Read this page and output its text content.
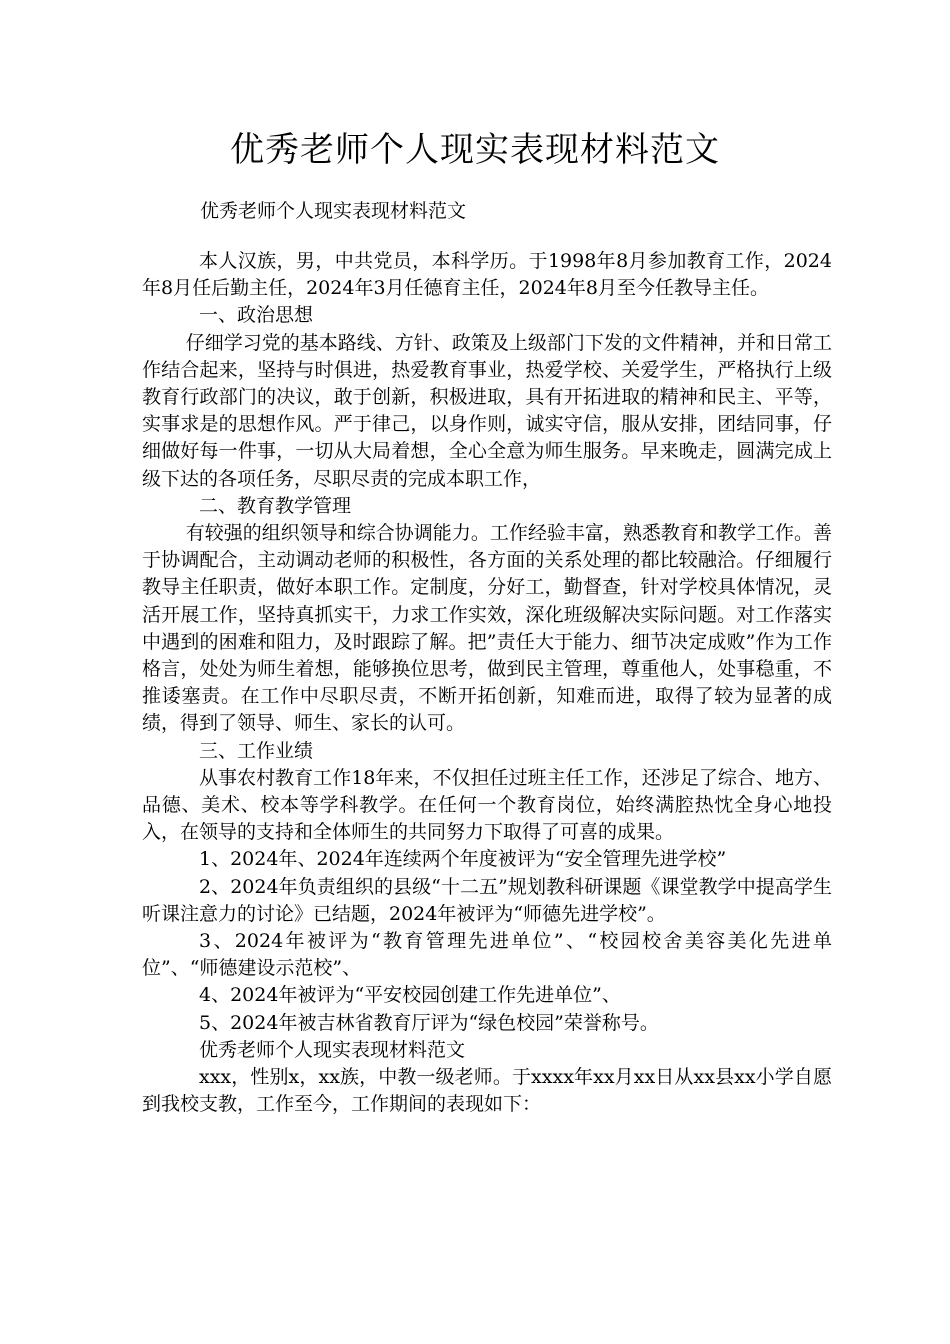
优秀老师个人现实表现材料范文
优秀老师个人现实表现材料范文

本人汉族，男，中共党员，本科学历。于1998年8月参加教育工作，2024年8月任后勤主任，2024年3月任德育主任，2024年8月至今任教导主任。

一、政治思想

仔细学习党的基本路线、方针、政策及上级部门下发的文件精神，并和日常工作结合起来，坚持与时俱进，热爱教育事业，热爱学校、关爱学生，严格执行上级教育行政部门的决议，敢于创新，积极进取，具有开拓进取的精神和民主、平等，实事求是的思想作风。严于律己，以身作则，诚实守信，服从安排，团结同事，仔细做好每一件事，一切从大局着想，全心全意为师生服务。早来晚走，圆满完成上级下达的各项任务，尽职尽责的完成本职工作，

二、教育教学管理

有较强的组织领导和综合协调能力。工作经验丰富，熟悉教育和教学工作。善于协调配合，主动调动老师的积极性，各方面的关系处理的都比较融洽。仔细履行教导主任职责，做好本职工作。定制度，分好工，勤督查，针对学校具体情况，灵活开展工作，坚持真抓实干，力求工作实效，深化班级解决实际问题。对工作落实中遇到的困难和阻力，及时跟踪了解。把”责任大于能力、细节决定成败”作为工作格言，处处为师生着想，能够换位思考，做到民主管理，尊重他人，处事稳重，不推诿塞责。在工作中尽职尽责，不断开拓创新，知难而进，取得了较为显著的成绩，得到了领导、师生、家长的认可。

三、工作业绩

从事农村教育工作18年来，不仅担任过班主任工作，还涉足了综合、地方、品德、美术、校本等学科教学。在任何一个教育岗位，始终满腔热忱全身心地投入，在领导的支持和全体师生的共同努力下取得了可喜的成果。

1、2024年、2024年连续两个年度被评为“安全管理先进学校”

2、2024年负责组织的县级“十二五”规划教科研课题《课堂教学中提高学生听课注意力的讨论》已结题，2024年被评为“师德先进学校”。

3、2024年被评为“教育管理先进单位”、“校园校舍美容美化先进单位”、“师德建设示范校”、

4、2024年被评为“平安校园创建工作先进单位”、

5、2024年被吉林省教育厅评为“绿色校园”荣誉称号。

优秀老师个人现实表现材料范文

xxx，性别x，xx族，中教一级老师。于xxxx年xx月xx日从xx县xx小学自愿到我校支教，工作至今，工作期间的表现如下：
